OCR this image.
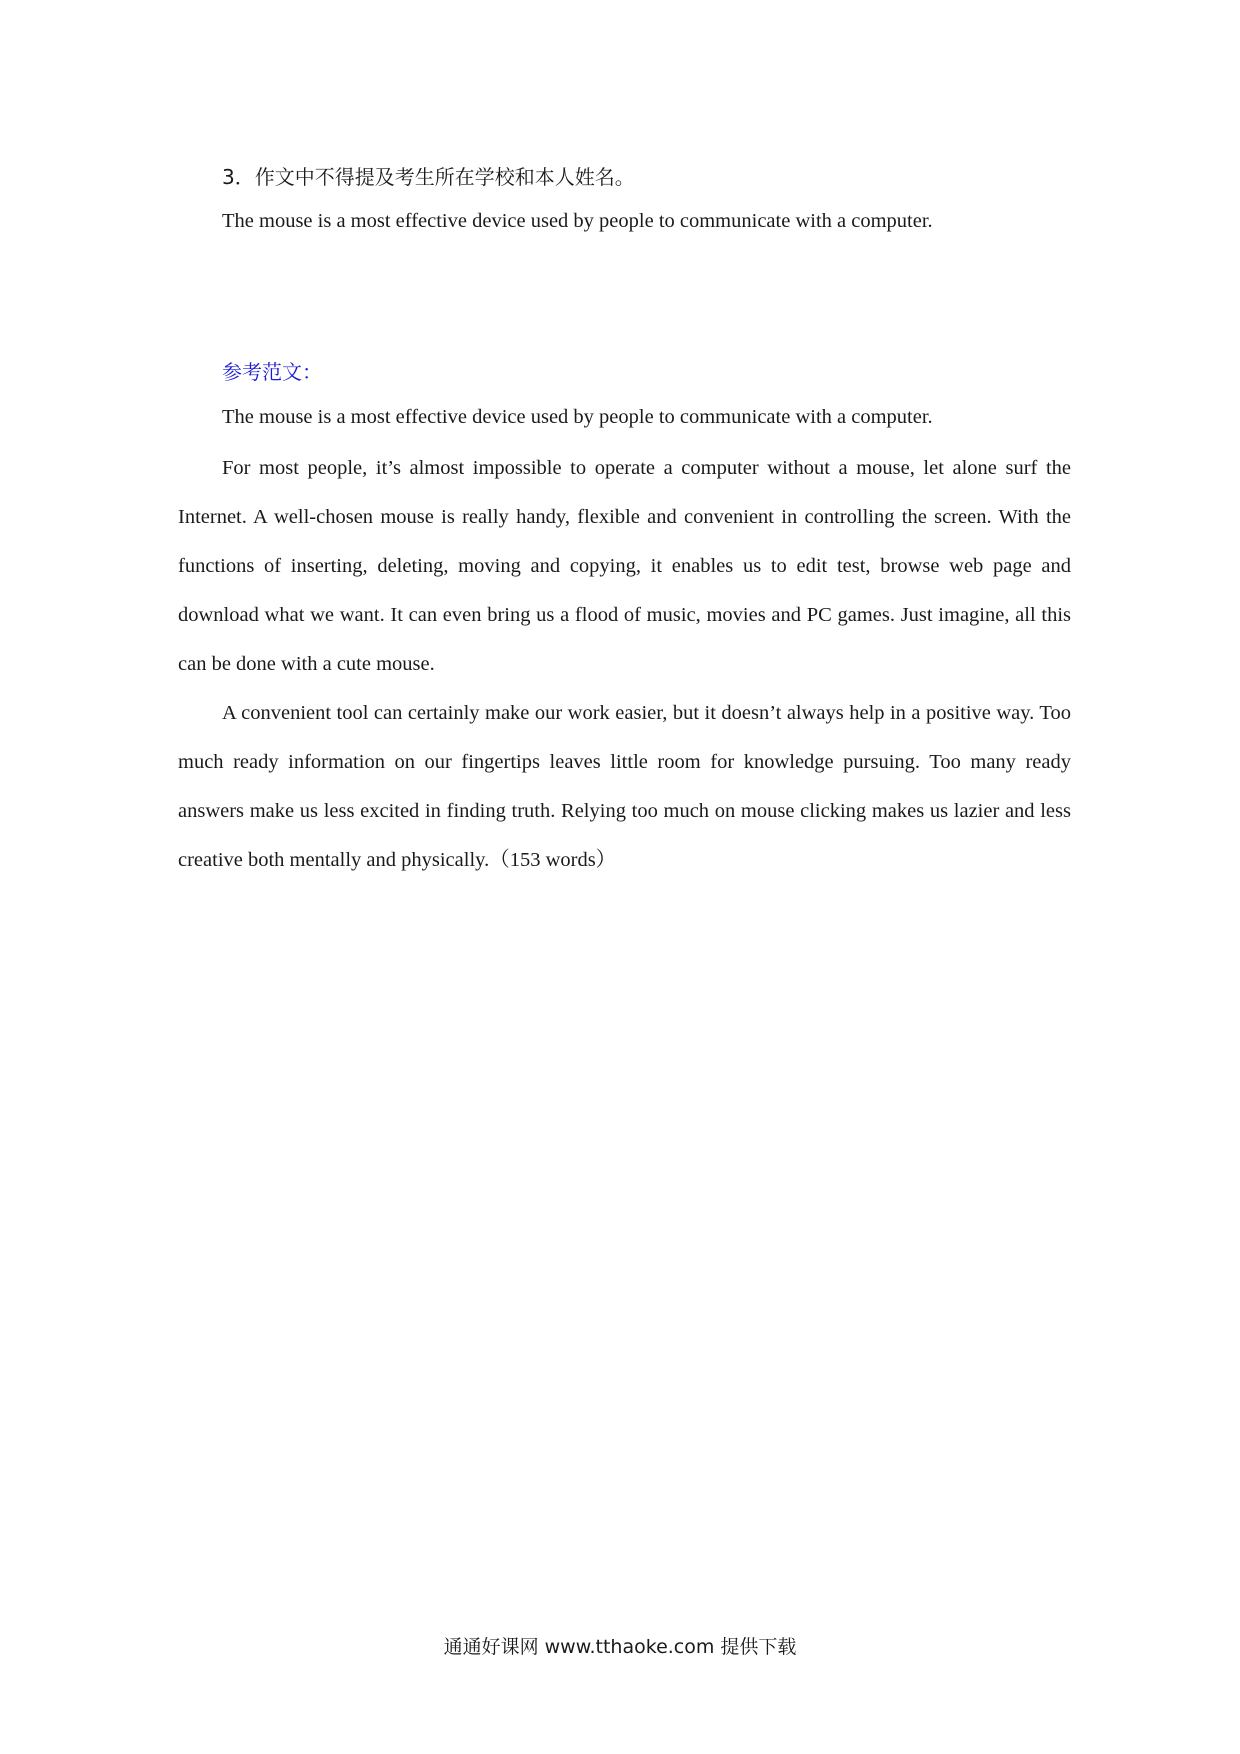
3．作文中不得提及考生所在学校和本人姓名。
The mouse is a most effective device used by people to communicate with a computer.
参考范文：
The mouse is a most effective device used by people to communicate with a computer.
For most people, it’s almost impossible to operate a computer without a mouse, let alone surf the Internet. A well-chosen mouse is really handy, flexible and convenient in controlling the screen. With the functions of inserting, deleting, moving and copying, it enables us to edit test, browse web page and download what we want. It can even bring us a flood of music, movies and PC games. Just imagine, all this can be done with a cute mouse.
A convenient tool can certainly make our work easier, but it doesn’t always help in a positive way. Too much ready information on our fingertips leaves little room for knowledge pursuing. Too many ready answers make us less excited in finding truth. Relying too much on mouse clicking makes us lazier and less creative both mentally and physically.（153 words）
通通好课网 www.tthaoke.com 提供下载
